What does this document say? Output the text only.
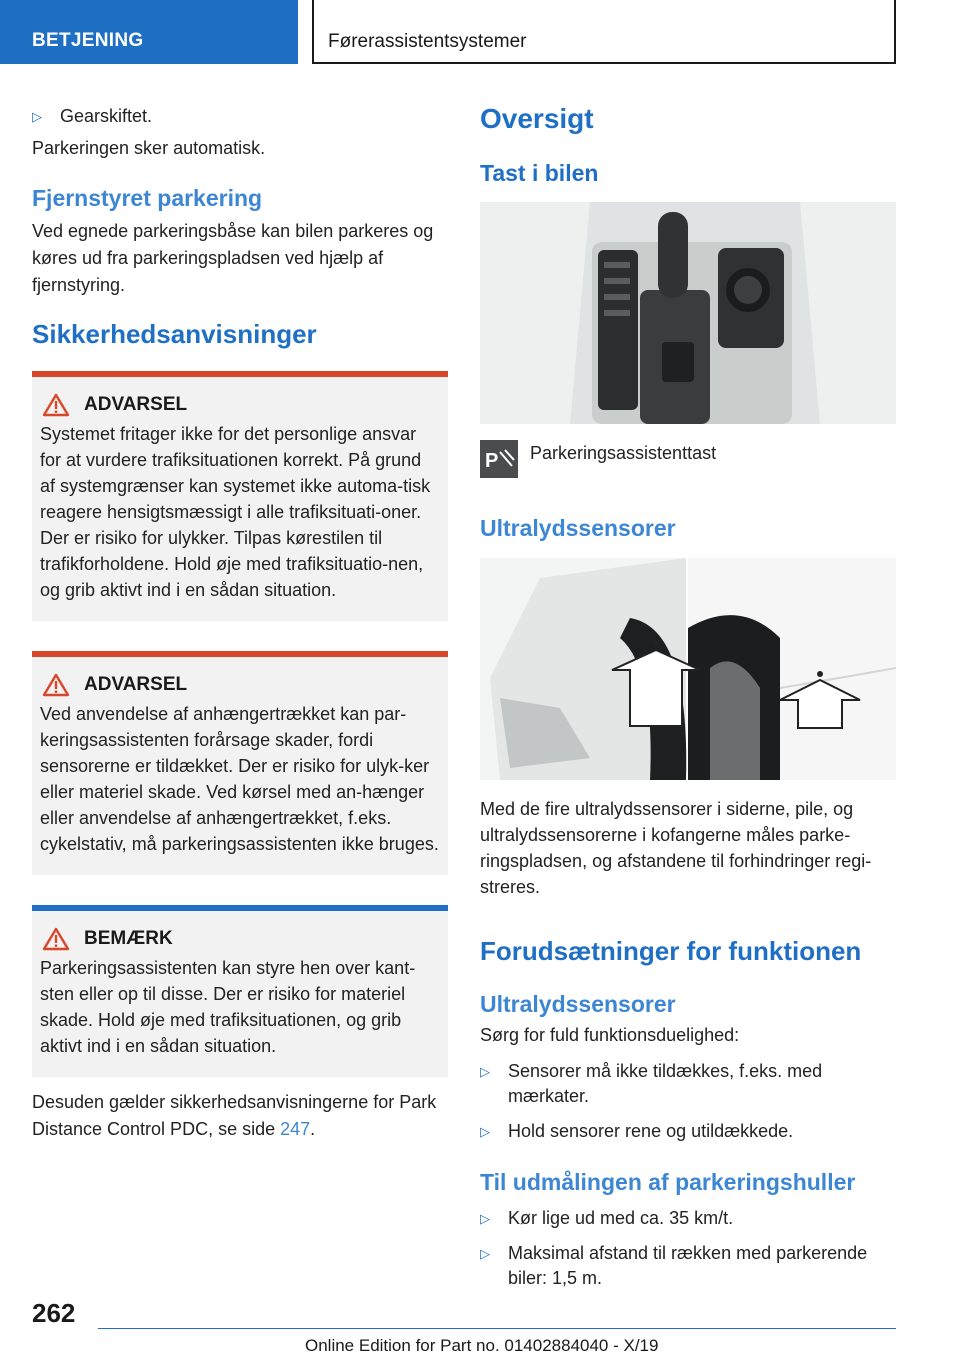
BETJENING	Førerassistentsystemer
▷
Gearskiftet.
Parkeringen sker automatisk.
Fjernstyret parkering
Ved egnede parkeringsbåse kan bilen parkeres og køres ud fra parkeringspladsen ved hjælp af fjernstyring.
Sikkerhedsanvisninger
ADVARSEL
Systemet fritager ikke for det personlige ansvar for at vurdere trafiksituationen korrekt. På grund af systemgrænser kan systemet ikke automa-tisk reagere hensigtsmæssigt i alle trafiksituati-oner. Der er risiko for ulykker. Tilpas kørestilen til trafikforholdene. Hold øje med trafiksituatio-nen, og grib aktivt ind i en sådan situation.
ADVARSEL
Ved anvendelse af anhængertrækket kan par-keringsassistenten forårsage skader, fordi sensorerne er tildækket. Der er risiko for ulyk-ker eller materiel skade. Ved kørsel med an-hænger eller anvendelse af anhængertrækket, f.eks. cykelstativ, må parkeringsassistenten ikke bruges.
BEMÆRK
Parkeringsassistenten kan styre hen over kant-sten eller op til disse. Der er risiko for materiel skade. Hold øje med trafiksituationen, og grib aktivt ind i en sådan situation.
Desuden gælder sikkerhedsanvisningerne for Park Distance Control PDC, se side 247.
Oversigt
Tast i bilen
P Parkeringsassistenttast
Ultralydssensorer
Med de fire ultralydssensorer i siderne, pile, og ultralydssensorerne i kofangerne måles parke-ringspladsen, og afstandene til forhindringer regi-streres.
Forudsætninger for funktionen
Ultralydssensorer
Sørg for fuld funktionsduelighed:
▷
Sensorer må ikke tildækkes, f.eks. med mærkater.
▷
Hold sensorer rene og utildækkede.
Til udmålingen af parkeringshuller
▷
Kør lige ud med ca. 35 km/t.
▷
Maksimal afstand til rækken med parkerende biler: 1,5 m.
262
Online Edition for Part no. 01402884040 - X/19
